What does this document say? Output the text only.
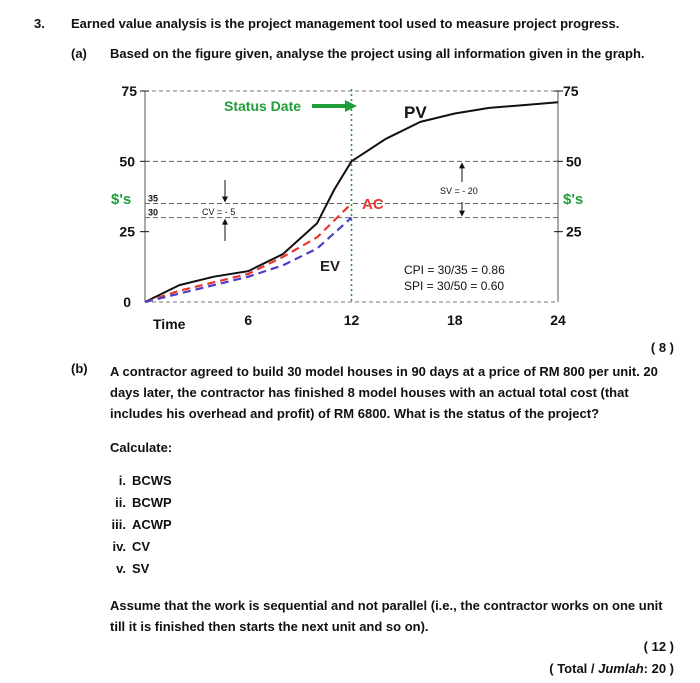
3. Earned value analysis is the project management tool used to measure project progress.
(a) Based on the figure given, analyse the project using all information given in the graph.
75
50
25
0
75
50
25
$'s	$'s
35
30
Time	6	12	18	24
Status Date	PV
AC
EV
CV = - 5
SV = - 20
CPI = 30/35 = 0.86
SPI = 30/50 = 0.60
( 8 )
(b) A contractor agreed to build 30 model houses in 90 days at a price of RM 800 per unit. 20
days later, the contractor has finished 8 model houses with an actual total cost (that
includes his overhead and profit) of RM 6800. What is the status of the project?
Calculate:
i. BCWS
ii. BCWP
iii. ACWP
iv. CV
v. SV
Assume that the work is sequential and not parallel (i.e., the contractor works on one unit
till it is finished then starts the next unit and so on).
( 12 )
( Total / Jumlah: 20 )
